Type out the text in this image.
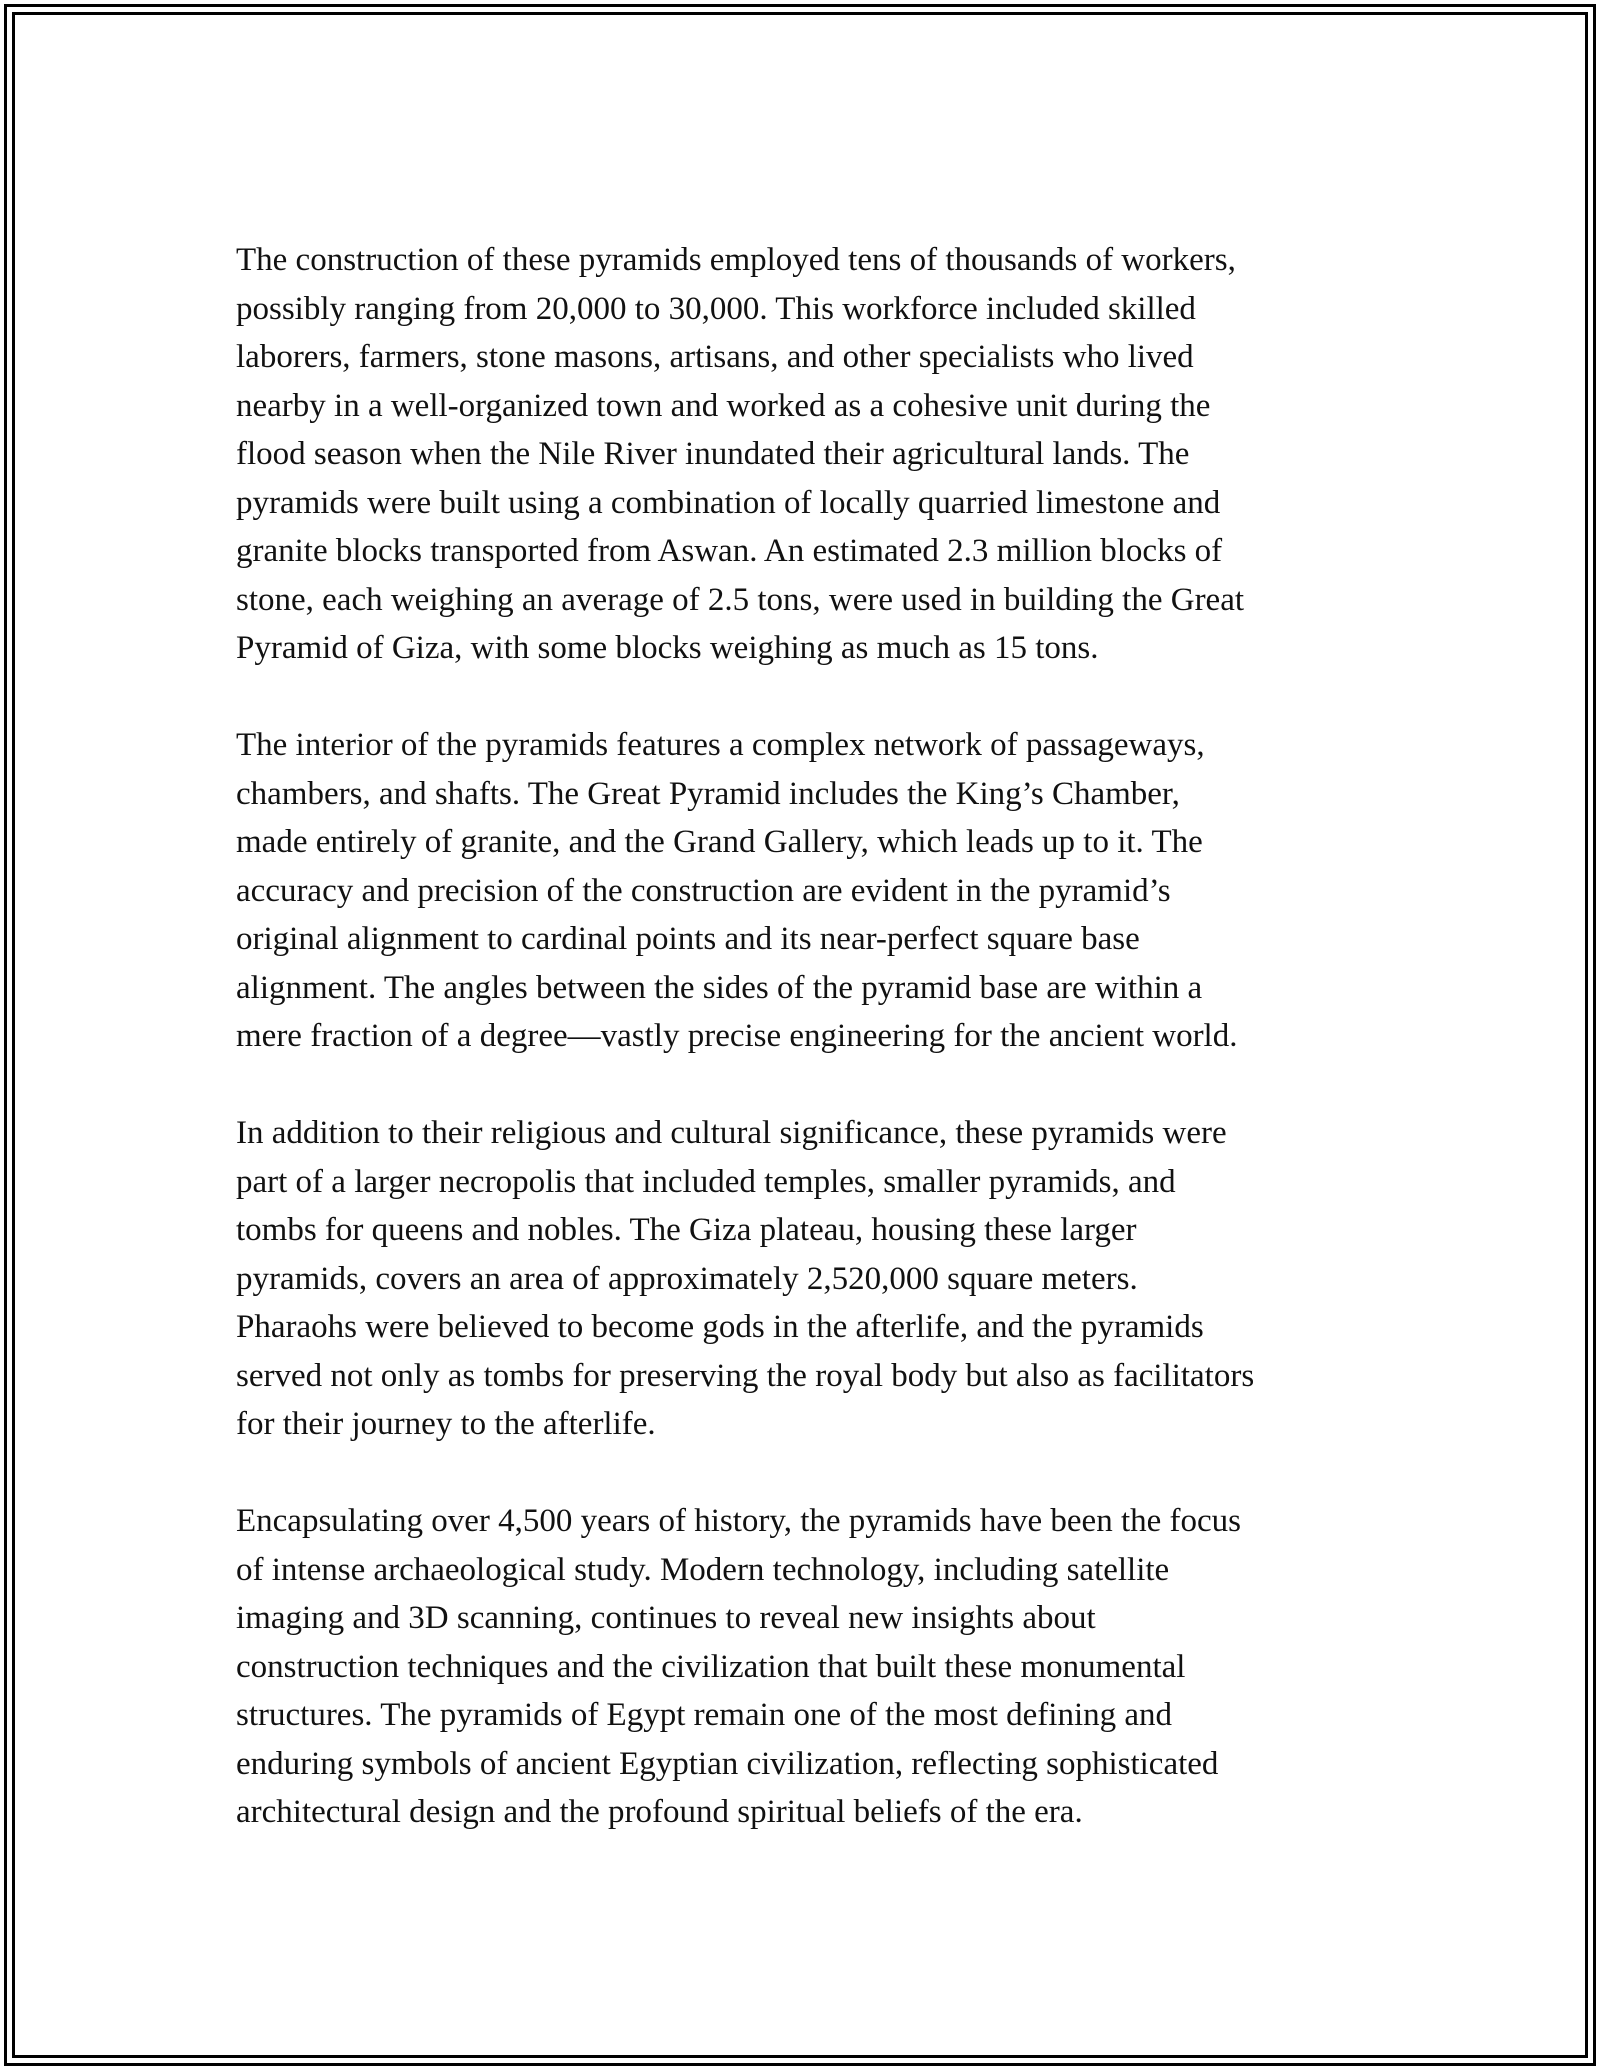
The construction of these pyramids employed tens of thousands of workers,
possibly ranging from 20,000 to 30,000. This workforce included skilled
laborers, farmers, stone masons, artisans, and other specialists who lived
nearby in a well-organized town and worked as a cohesive unit during the
flood season when the Nile River inundated their agricultural lands. The
pyramids were built using a combination of locally quarried limestone and
granite blocks transported from Aswan. An estimated 2.3 million blocks of
stone, each weighing an average of 2.5 tons, were used in building the Great
Pyramid of Giza, with some blocks weighing as much as 15 tons.

The interior of the pyramids features a complex network of passageways,
chambers, and shafts. The Great Pyramid includes the King’s Chamber,
made entirely of granite, and the Grand Gallery, which leads up to it. The
accuracy and precision of the construction are evident in the pyramid’s
original alignment to cardinal points and its near-perfect square base
alignment. The angles between the sides of the pyramid base are within a
mere fraction of a degree—vastly precise engineering for the ancient world.

In addition to their religious and cultural significance, these pyramids were
part of a larger necropolis that included temples, smaller pyramids, and
tombs for queens and nobles. The Giza plateau, housing these larger
pyramids, covers an area of approximately 2,520,000 square meters.
Pharaohs were believed to become gods in the afterlife, and the pyramids
served not only as tombs for preserving the royal body but also as facilitators
for their journey to the afterlife.

Encapsulating over 4,500 years of history, the pyramids have been the focus
of intense archaeological study. Modern technology, including satellite
imaging and 3D scanning, continues to reveal new insights about
construction techniques and the civilization that built these monumental
structures. The pyramids of Egypt remain one of the most defining and
enduring symbols of ancient Egyptian civilization, reflecting sophisticated
architectural design and the profound spiritual beliefs of the era.
